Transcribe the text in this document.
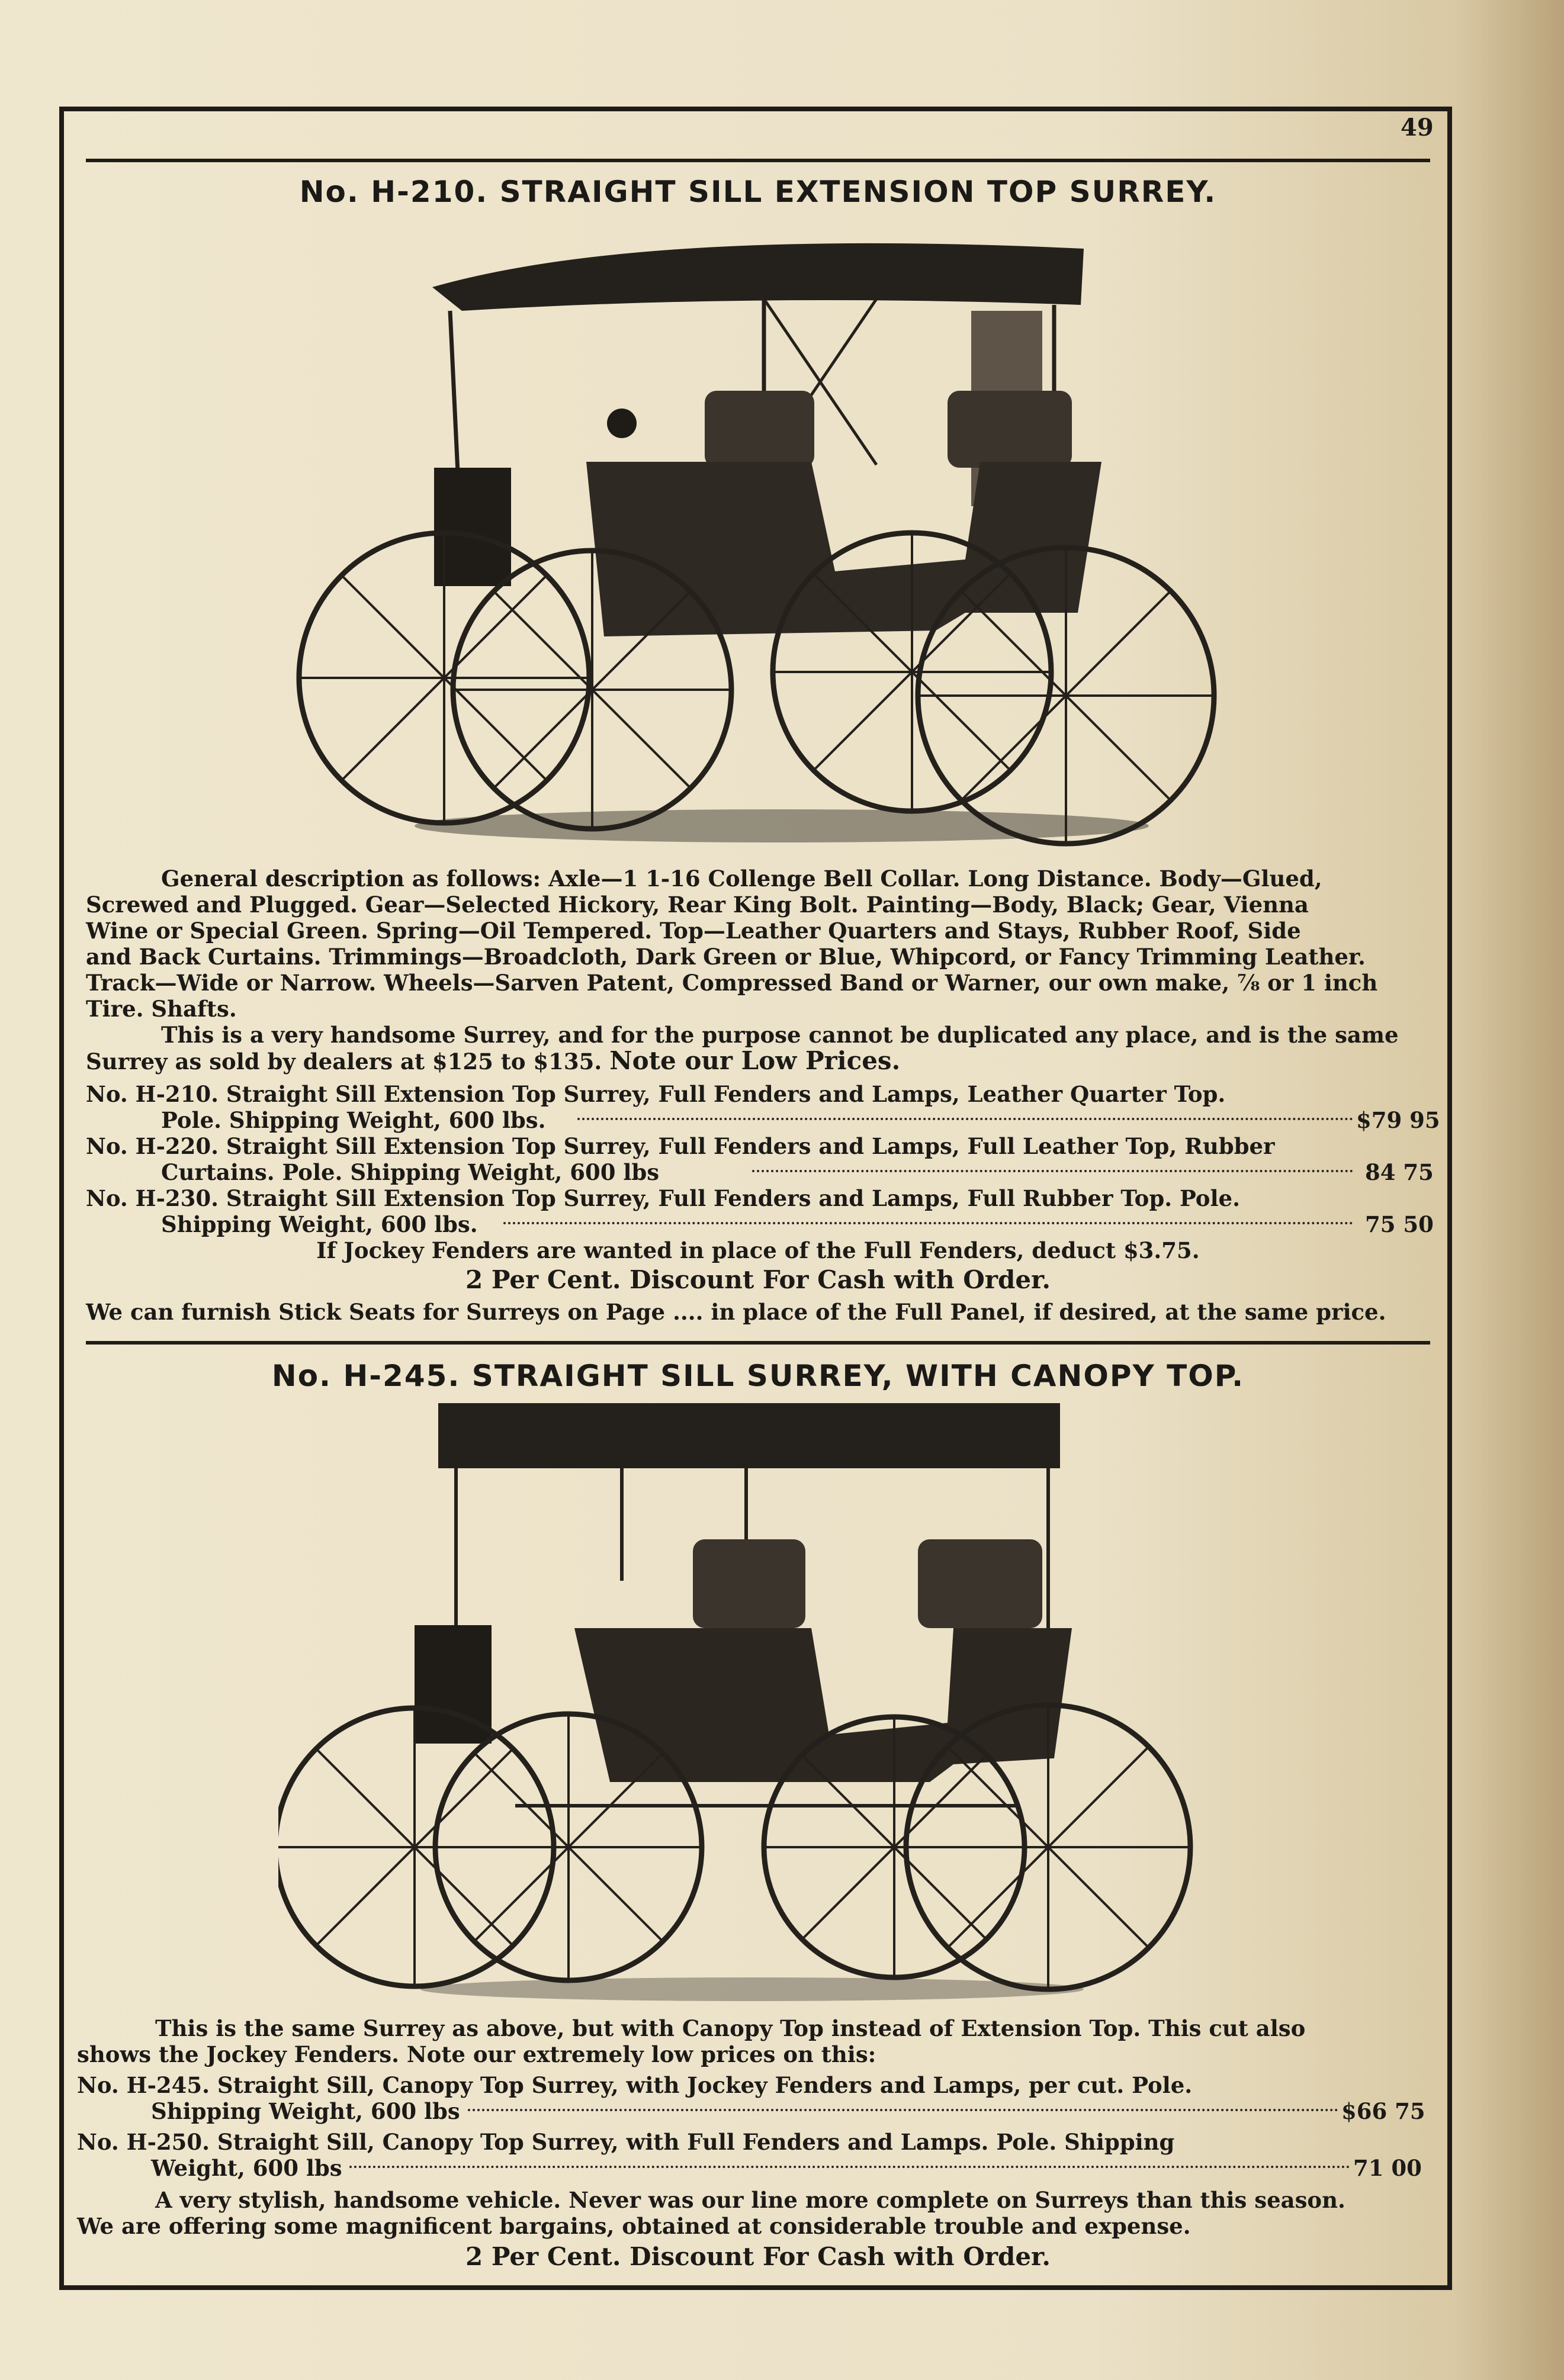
49
No. H-210. STRAIGHT SILL EXTENSION TOP SURREY.
General description as follows: Axle—1 1-16 Collenge Bell Collar. Long Distance. Body—Glued,
Screwed and Plugged. Gear—Selected Hickory, Rear King Bolt. Painting—Body, Black; Gear, Vienna
Wine or Special Green. Spring—Oil Tempered. Top—Leather Quarters and Stays, Rubber Roof, Side
and Back Curtains. Trimmings—Broadcloth, Dark Green or Blue, Whipcord, or Fancy Trimming Leather.
Track—Wide or Narrow. Wheels—Sarven Patent, Compressed Band or Warner, our own make, ⅞ or 1 inch
Tire. Shafts.
This is a very handsome Surrey, and for the purpose cannot be duplicated any place, and is the same
Surrey as sold by dealers at $125 to $135. Note our Low Prices.
No. H-210. Straight Sill Extension Top Surrey, Full Fenders and Lamps, Leather Quarter Top.
Pole. Shipping Weight, 600 lbs.	$79 95
No. H-220. Straight Sill Extension Top Surrey, Full Fenders and Lamps, Full Leather Top, Rubber
Curtains. Pole. Shipping Weight, 600 lbs	84 75
No. H-230. Straight Sill Extension Top Surrey, Full Fenders and Lamps, Full Rubber Top. Pole.
Shipping Weight, 600 lbs.	75 50
If Jockey Fenders are wanted in place of the Full Fenders, deduct $3.75.
2 Per Cent. Discount For Cash with Order.
We can furnish Stick Seats for Surreys on Page .... in place of the Full Panel, if desired, at the same price.
No. H-245. STRAIGHT SILL SURREY, WITH CANOPY TOP.
This is the same Surrey as above, but with Canopy Top instead of Extension Top. This cut also
shows the Jockey Fenders. Note our extremely low prices on this:
No. H-245. Straight Sill, Canopy Top Surrey, with Jockey Fenders and Lamps, per cut. Pole.
Shipping Weight, 600 lbs	$66 75
No. H-250. Straight Sill, Canopy Top Surrey, with Full Fenders and Lamps. Pole. Shipping
Weight, 600 lbs	71 00
A very stylish, handsome vehicle. Never was our line more complete on Surreys than this season.
We are offering some magnificent bargains, obtained at considerable trouble and expense.
2 Per Cent. Discount For Cash with Order.
